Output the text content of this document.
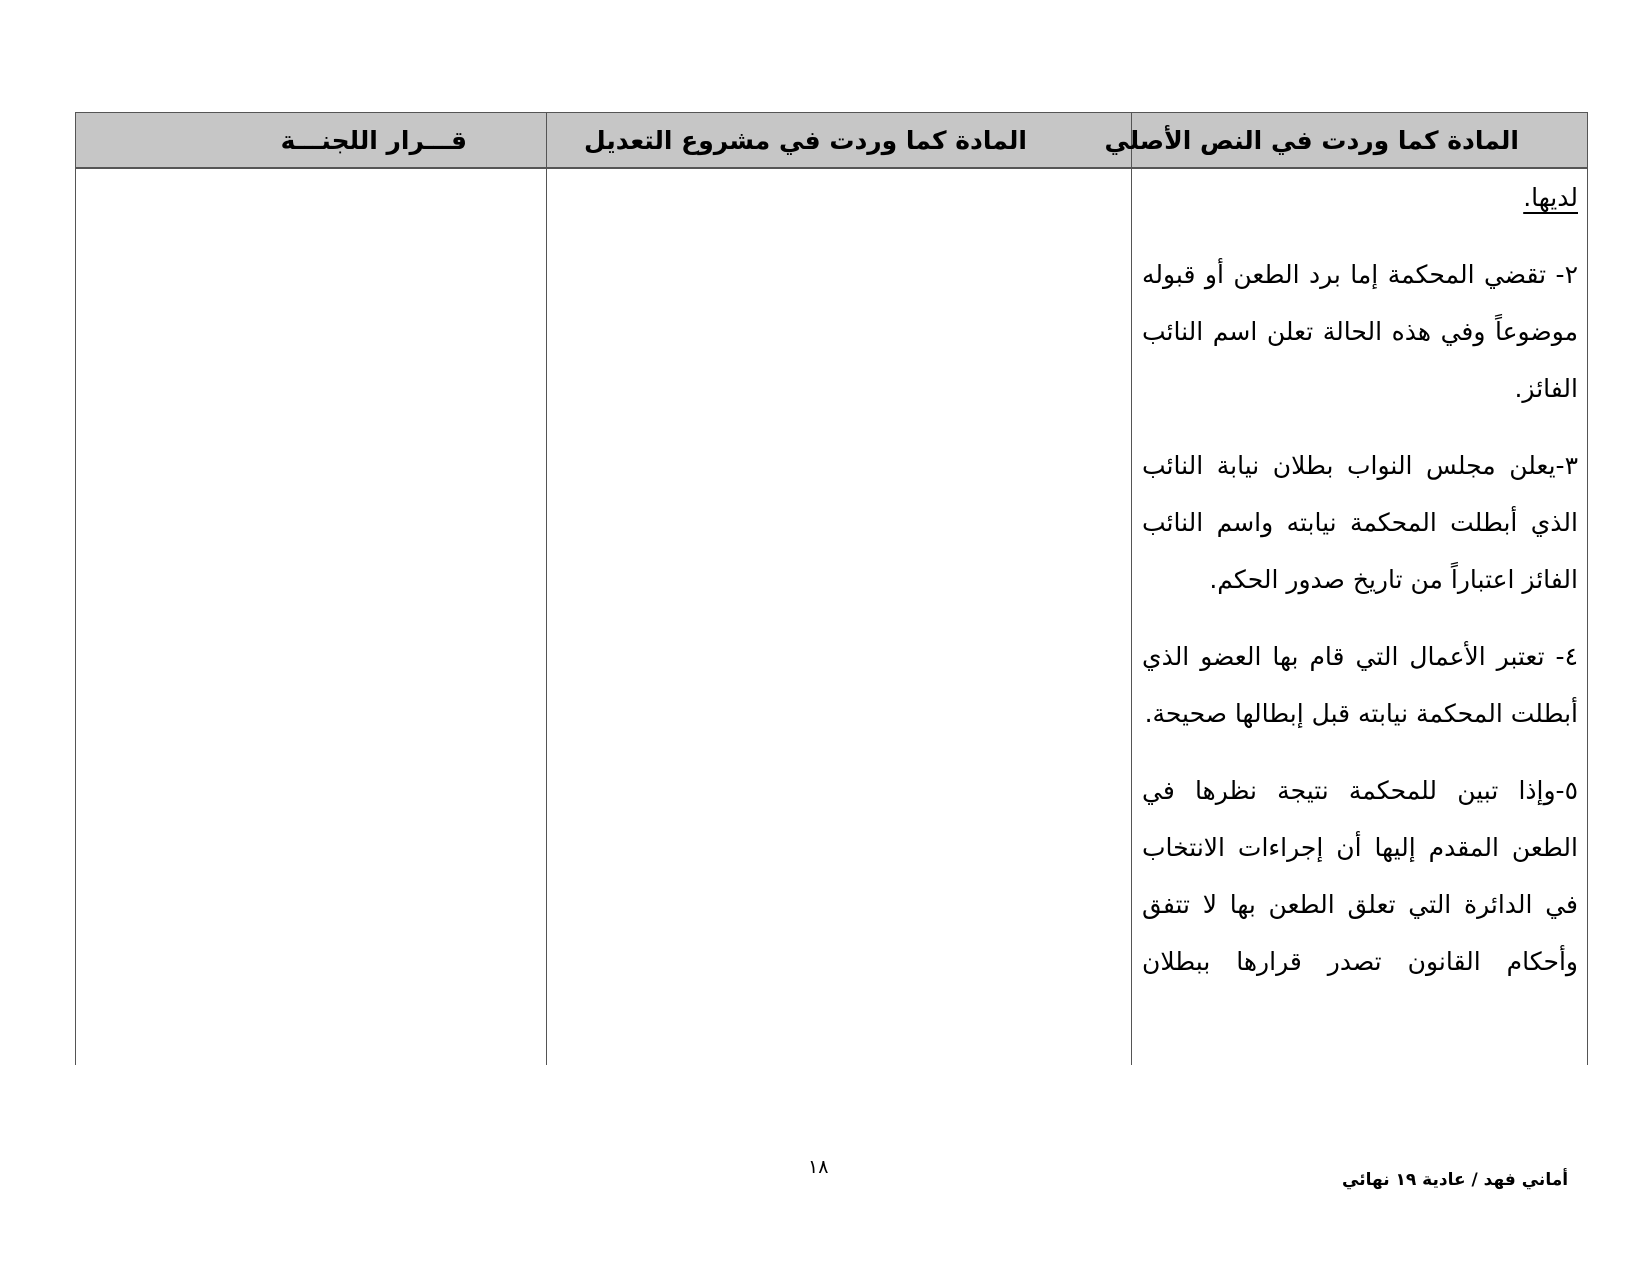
المادة كما وردت في النص الأصلي
المادة كما وردت في مشروع التعديل
قـــرار اللجنـــة
لديها.

٢- تقضي المحكمة إما برد الطعن أو قبوله موضوعاً وفي هذه الحالة تعلن اسم النائب الفائز.

٣-يعلن مجلس النواب بطلان نيابة النائب الذي أبطلت المحكمة نيابته واسم النائب الفائز اعتباراً من تاريخ صدور الحكم.

٤- تعتبر الأعمال التي قام بها العضو الذي أبطلت المحكمة نيابته قبل إبطالها صحيحة.

٥-وإذا تبين للمحكمة نتيجة نظرها في الطعن المقدم إليها أن إجراءات الانتخاب في الدائرة التي تعلق الطعن بها لا تتفق وأحكام القانون تصدر قرارها ببطلان

١٨
أماني فهد / عادية ١٩ نهائي
